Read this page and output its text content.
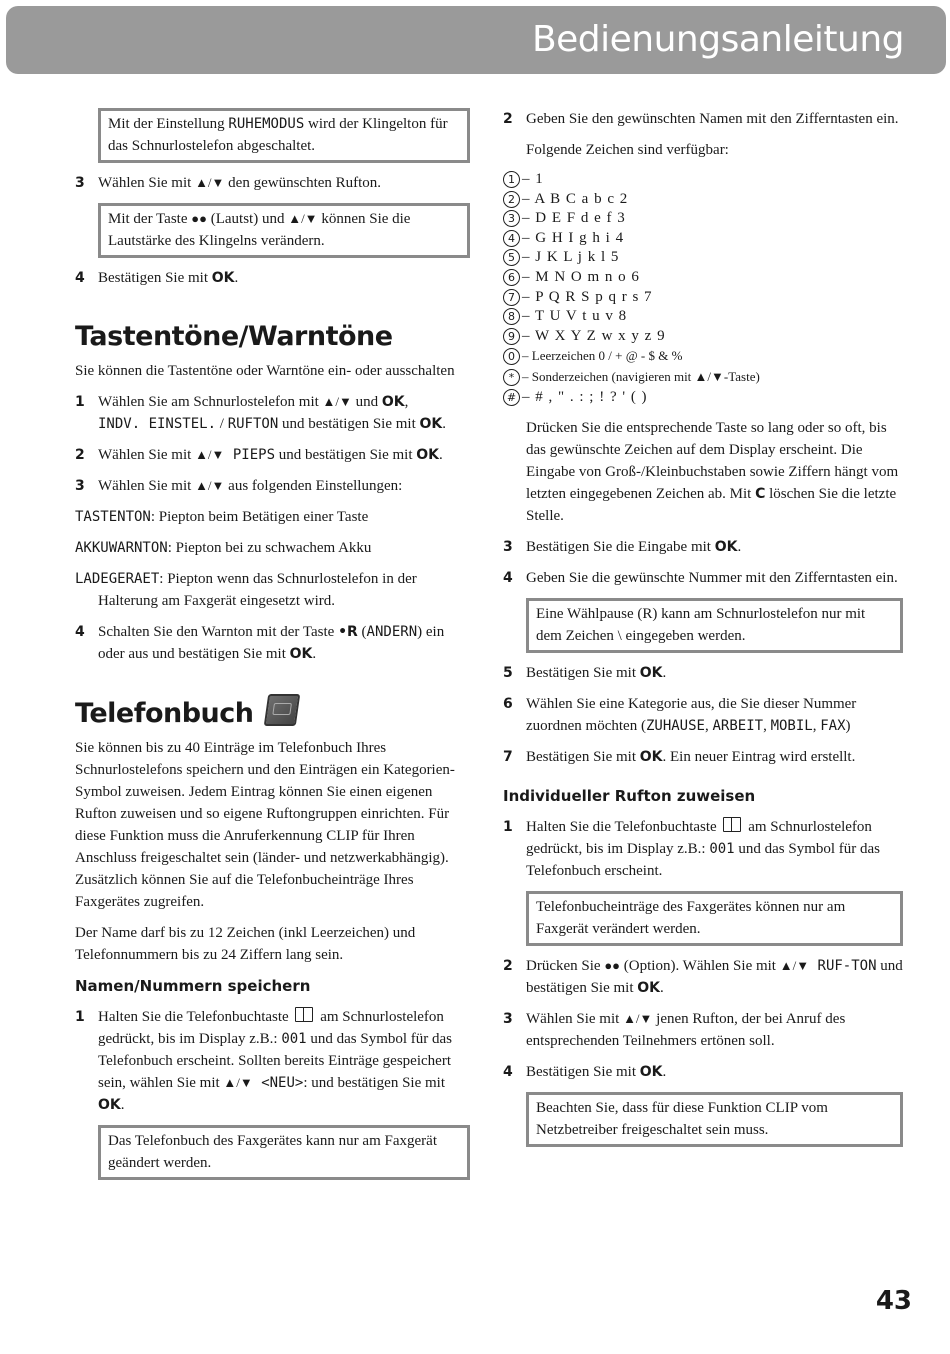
Bedienungsanleitung
Mit der Einstellung RUHEMODUS wird der Klingelton für das Schnurlostelefon abgeschaltet.
3 Wählen Sie mit ▲/▼ den gewünschten Rufton.
Mit der Taste ●● (Lautst) und ▲/▼ können Sie die Lautstärke des Klingelns verändern.
4 Bestätigen Sie mit OK.
Tastentöne/Warntöne
Sie können die Tastentöne oder Warntöne ein- oder ausschalten
1 Wählen Sie am Schnurlostelefon mit ▲/▼ und OK,
INDV. EINSTEL. / RUFTON und bestätigen Sie mit OK.
2 Wählen Sie mit ▲/▼ PIEPS und bestätigen Sie mit OK.
3 Wählen Sie mit ▲/▼ aus folgenden Einstellungen:
TASTENTON: Piepton beim Betätigen einer Taste
AKKUWARNTON: Piepton bei zu schwachem Akku
LADEGERAET: Piepton wenn das Schnurlostelefon in der Halterung am Faxgerät eingesetzt wird.
4 Schalten Sie den Warnton mit der Taste •R (ANDERN) ein oder aus und bestätigen Sie mit OK.
Telefonbuch
Sie können bis zu 40 Einträge im Telefonbuch Ihres Schnurlostelefons speichern und den Einträgen ein Kategorien-Symbol zuweisen. Jedem Eintrag können Sie einen eigenen Rufton zuweisen und so eigene Ruftongruppen einrichten. Für diese Funktion muss die Anruferkennung CLIP für Ihren Anschluss freigeschaltet sein (länder- und netzwerkabhängig). Zusätzlich können Sie auf die Telefonbucheinträge Ihres Faxgerätes zugreifen.
Der Name darf bis zu 12 Zeichen (inkl Leerzeichen) und Telefonnummern bis zu 24 Ziffern lang sein.
Namen/Nummern speichern
1 Halten Sie die Telefonbuchtaste  am Schnurlostelefon gedrückt, bis im Display z.B.: 001 und das Symbol für das Telefonbuch erscheint. Sollten bereits Einträge gespeichert sein, wählen Sie mit ▲/▼ <NEU>: und bestätigen Sie mit OK.
Das Telefonbuch des Faxgerätes kann nur am Faxgerät geändert werden.
2 Geben Sie den gewünschten Namen mit den Zifferntasten ein.
Folgende Zeichen sind verfügbar:
1 – 1
2 – A B C a b c 2
3 – D E F d e f 3
4 – G H I g h i 4
5 – J K L j k l 5
6 – M N O m n o 6
7 – P Q R S p q r s 7
8 – T U V t u v 8
9 – W X Y Z w x y z 9
0 – Leerzeichen 0 / + @ - $ & %
* – Sonderzeichen (navigieren mit ▲/▼-Taste)
# – # , " . : ; ! ? ' ( )
Drücken Sie die entsprechende Taste so lang oder so oft, bis das gewünschte Zeichen auf dem Display erscheint. Die Eingabe von Groß-/Kleinbuchstaben sowie Ziffern hängt vom letzten eingegebenen Zeichen ab. Mit C löschen Sie die letzte Stelle.
3 Bestätigen Sie die Eingabe mit OK.
4 Geben Sie die gewünschte Nummer mit den Zifferntasten ein.
Eine Wählpause (R) kann am Schnurlostelefon nur mit dem Zeichen \ eingegeben werden.
5 Bestätigen Sie mit OK.
6 Wählen Sie eine Kategorie aus, die Sie dieser Nummer zuordnen möchten (ZUHAUSE, ARBEIT, MOBIL, FAX)
7 Bestätigen Sie mit OK. Ein neuer Eintrag wird erstellt.
Individueller Rufton zuweisen
1 Halten Sie die Telefonbuchtaste  am Schnurlostelefon gedrückt, bis im Display z.B.: 001 und das Symbol für das Telefonbuch erscheint.
Telefonbucheinträge des Faxgerätes können nur am Faxgerät verändert werden.
2 Drücken Sie ●● (Option). Wählen Sie mit ▲/▼ RUF-TON und bestätigen Sie mit OK.
3 Wählen Sie mit ▲/▼ jenen Rufton, der bei Anruf des entsprechenden Teilnehmers ertönen soll.
4 Bestätigen Sie mit OK.
Beachten Sie, dass für diese Funktion CLIP vom Netzbetreiber freigeschaltet sein muss.
43
